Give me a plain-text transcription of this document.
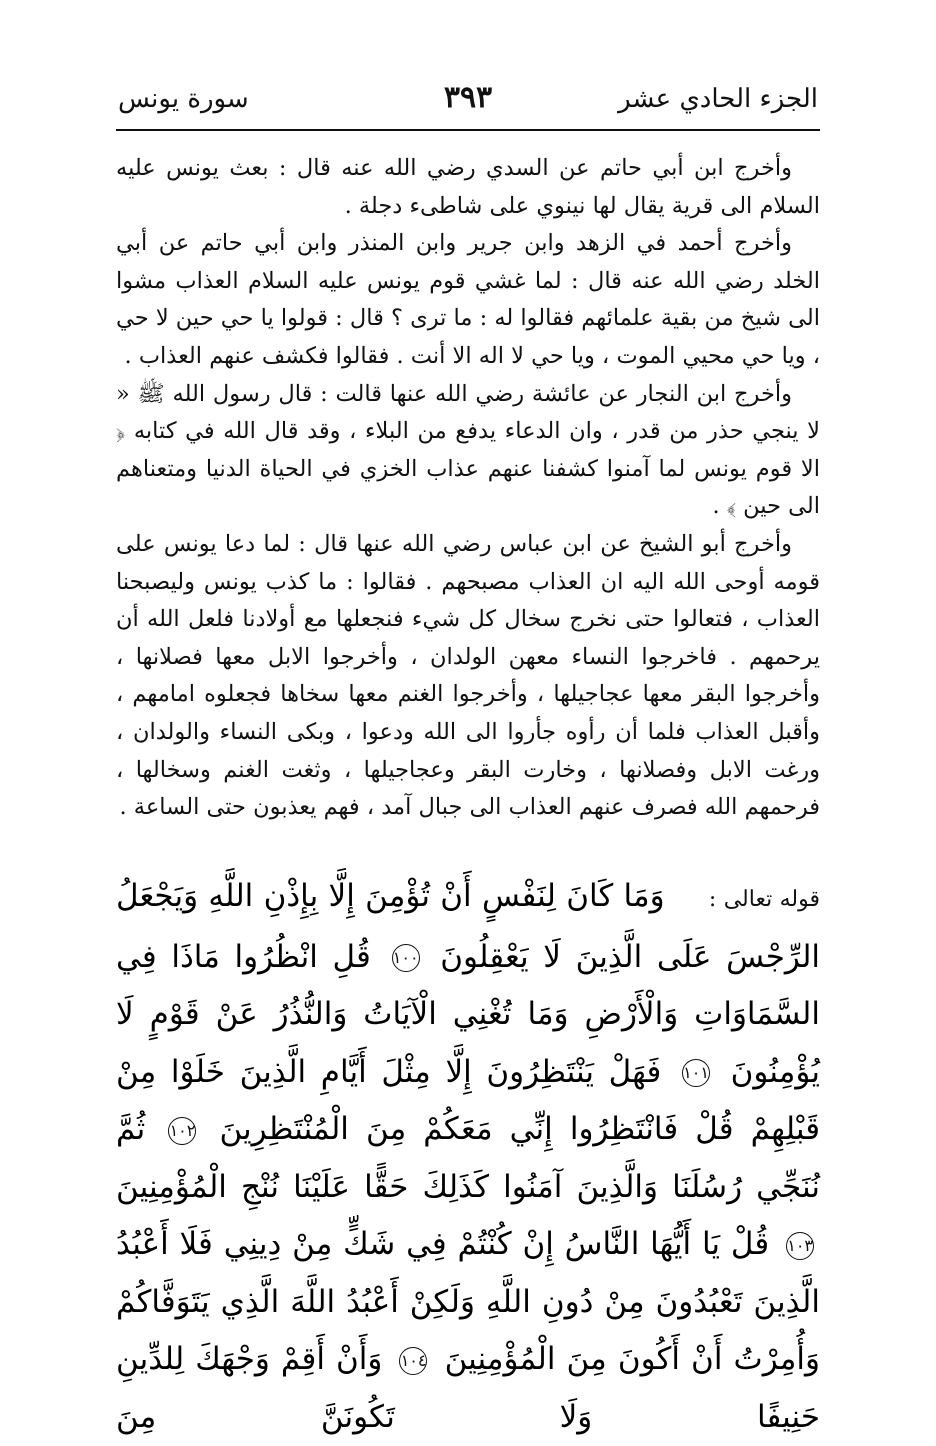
الجزء الحادي عشر
٣٩٣
سورة يونس

وأخرج ابن أبي حاتم عن السدي رضي الله عنه قال : بعث يونس عليه السلام الى قرية يقال لها نينوي على شاطىء دجلة .

وأخرج أحمد في الزهد وابن جرير وابن المنذر وابن أبي حاتم عن أبي الخلد رضي الله عنه قال : لما غشي قوم يونس عليه السلام العذاب مشوا الى شيخ من بقية علمائهم فقالوا له : ما ترى ؟ قال : قولوا يا حي حين لا حي ، ويا حي محيي الموت ، ويا حي لا اله الا أنت . فقالوا فكشف عنهم العذاب .

وأخرج ابن النجار عن عائشة رضي الله عنها قالت : قال رسول الله ﷺ « لا ينجي حذر من قدر ، وان الدعاء يدفع من البلاء ، وقد قال الله في كتابه ﴿ الا قوم يونس لما آمنوا كشفنا عنهم عذاب الخزي في الحياة الدنيا ومتعناهم الى حين ﴾ .

وأخرج أبو الشيخ عن ابن عباس رضي الله عنها قال : لما دعا يونس على قومه أوحى الله اليه ان العذاب مصبحهم . فقالوا : ما كذب يونس وليصبحنا العذاب ، فتعالوا حتى نخرج سخال كل شيء فنجعلها مع أولادنا فلعل الله أن يرحمهم . فاخرجوا النساء معهن الولدان ، وأخرجوا الابل معها فصلانها ، وأخرجوا البقر معها عجاجيلها ، وأخرجوا الغنم معها سخاها فجعلوه امامهم ، وأقبل العذاب فلما أن رأوه جأروا الى الله ودعوا ، وبكى النساء والولدان ، ورغت الابل وفصلانها ، وخارت البقر وعجاجيلها ، وثغت الغنم وسخالها ، فرحمهم الله فصرف عنهم العذاب الى جبال آمد ، فهم يعذبون حتى الساعة .

قوله تعالى : وَمَا كَانَ لِنَفْسٍ أَنْ تُؤْمِنَ إِلَّا بِإِذْنِ اللَّهِ وَيَجْعَلُ الرِّجْسَ عَلَى الَّذِينَ لَا يَعْقِلُونَ ١٠٠ قُلِ انْظُرُوا مَاذَا فِي السَّمَاوَاتِ وَالْأَرْضِ وَمَا تُغْنِي الْآيَاتُ وَالنُّذُرُ عَنْ قَوْمٍ لَا يُؤْمِنُونَ ١٠١ فَهَلْ يَنْتَظِرُونَ إِلَّا مِثْلَ أَيَّامِ الَّذِينَ خَلَوْا مِنْ قَبْلِهِمْ قُلْ فَانْتَظِرُوا إِنِّي مَعَكُمْ مِنَ الْمُنْتَظِرِينَ ١٠٢ ثُمَّ نُنَجِّي رُسُلَنَا وَالَّذِينَ آمَنُوا كَذَلِكَ حَقًّا عَلَيْنَا نُنْجِ الْمُؤْمِنِينَ ١٠٣ قُلْ يَا أَيُّهَا النَّاسُ إِنْ كُنْتُمْ فِي شَكٍّ مِنْ دِينِي فَلَا أَعْبُدُ الَّذِينَ تَعْبُدُونَ مِنْ دُونِ اللَّهِ وَلَكِنْ أَعْبُدُ اللَّهَ الَّذِي يَتَوَفَّاكُمْ وَأُمِرْتُ أَنْ أَكُونَ مِنَ الْمُؤْمِنِينَ ١٠٤ وَأَنْ أَقِمْ وَجْهَكَ لِلدِّينِ حَنِيفًا وَلَا تَكُونَنَّ مِنَ
